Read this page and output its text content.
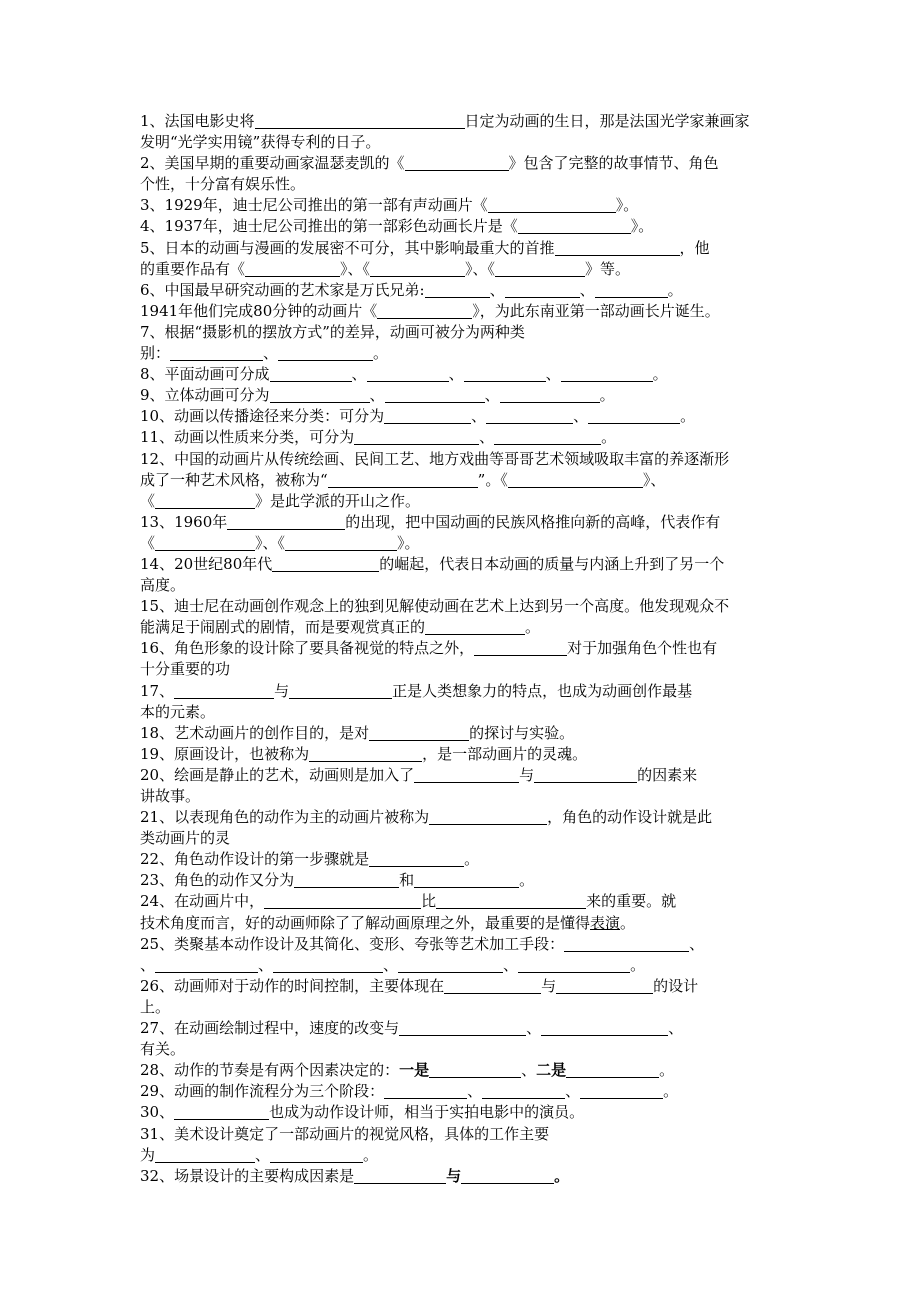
1、法国电影史将	日定为动画的生日，那是法国光学家兼画家
发明“光学实用镜”获得专利的日子。
2、美国早期的重要动画家温瑟麦凯的《	》包含了完整的故事情节、角色
个性，十分富有娱乐性。
3、1929年，迪士尼公司推出的第一部有声动画片《	》。
4、1937年，迪士尼公司推出的第一部彩色动画长片是《	》。
5、日本的动画与漫画的发展密不可分，其中影响最重大的首推	，他
的重要作品有《	》、《	》、《	》等。
6、中国最早研究动画的艺术家是万氏兄弟:	、	、	。
1941年他们完成80分钟的动画片《	》，为此东南亚第一部动画长片诞生。
7、根据“摄影机的摆放方式”的差异，动画可被分为两种类
别：	、	。
8、平面动画可分成	、	、	、	。
9、立体动画可分为	、	、	。
10、动画以传播途径来分类：可分为	、	、	。
11、动画以性质来分类，可分为	、	。
12、中国的动画片从传统绘画、民间工艺、地方戏曲等哥哥艺术领域吸取丰富的养逐渐形
成了一种艺术风格，被称为“	”。《	》、
《	》是此学派的开山之作。
13、1960年	的出现，把中国动画的民族风格推向新的高峰，代表作有
《	》、《	》。
14、20世纪80年代	的崛起，代表日本动画的质量与内涵上升到了另一个
高度。
15、迪士尼在动画创作观念上的独到见解使动画在艺术上达到另一个高度。他发现观众不
能满足于闹剧式的剧情，而是要观赏真正的	。
16、角色形象的设计除了要具备视觉的特点之外，	对于加强角色个性也有
十分重要的功
17、	与	正是人类想象力的特点，也成为动画创作最基
本的元素。
18、艺术动画片的创作目的，是对	的探讨与实验。
19、原画设计，也被称为	，是一部动画片的灵魂。
20、绘画是静止的艺术，动画则是加入了	与	的因素来
讲故事。
21、以表现角色的动作为主的动画片被称为	，角色的动作设计就是此
类动画片的灵
22、角色动作设计的第一步骤就是	。
23、角色的动作又分为	和	。
24、在动画片中，	比	来的重要。就
技术角度而言，好的动画师除了了解动画原理之外，最重要的是懂得表演。
25、类聚基本动作设计及其简化、变形、夸张等艺术加工手段：	、
、	、	、	、	。
26、动画师对于动作的时间控制，主要体现在	与	的设计
上。
27、在动画绘制过程中，速度的改变与	、	、
有关。
28、动作的节奏是有两个因素决定的：一是	、二是	。
29、动画的制作流程分为三个阶段：	、	、	。
30、	也成为动作设计师，相当于实拍电影中的演员。
31、美术设计奠定了一部动画片的视觉风格，具体的工作主要
为	、	。
32、场景设计的主要构成因素是	与	。
